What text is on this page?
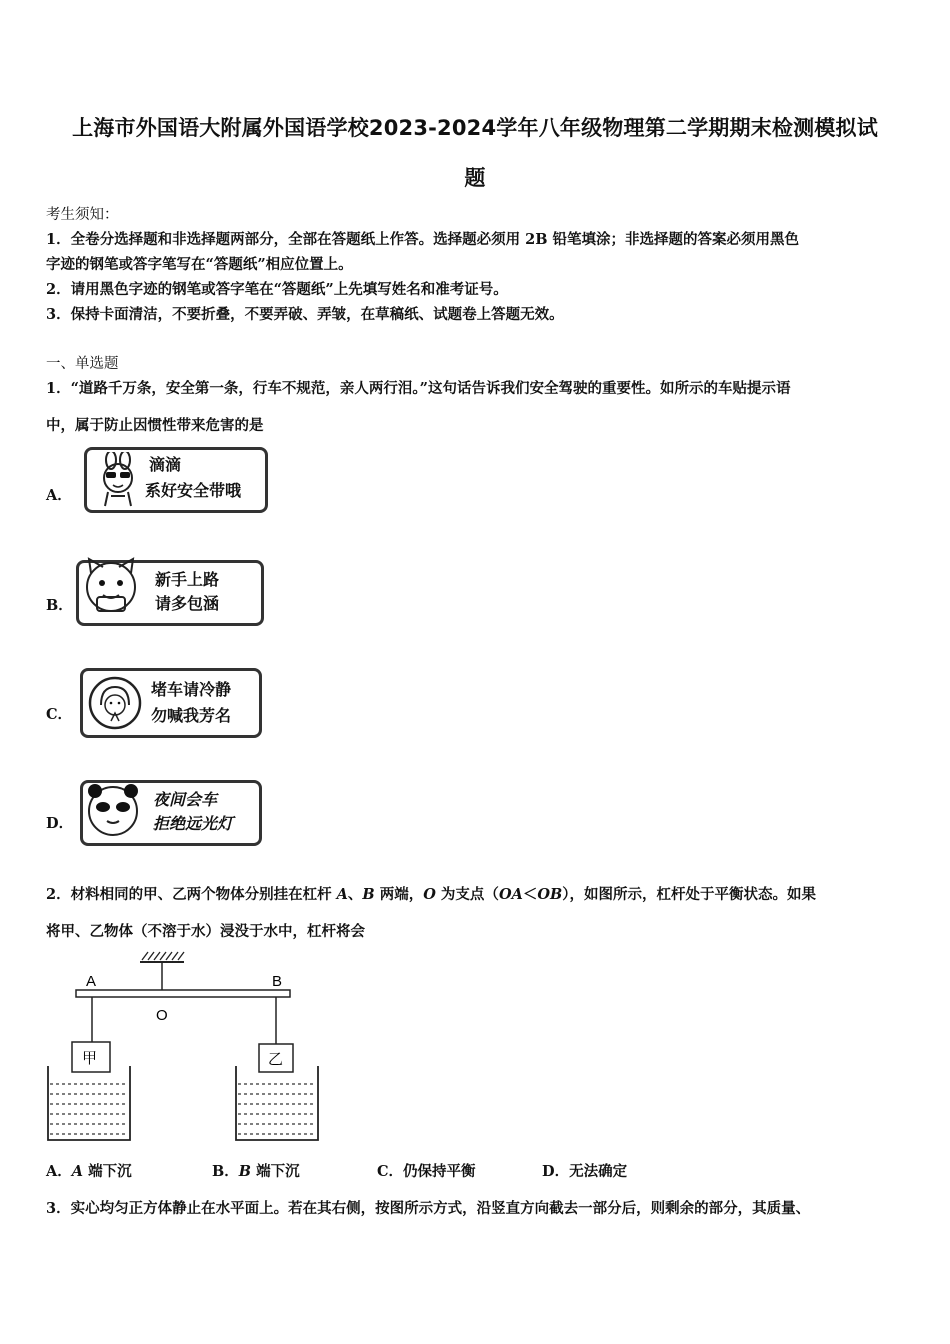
上海市外国语大附属外国语学校2023-2024学年八年级物理第二学期期末检测模拟试
题
考生须知：
1．全卷分选择题和非选择题两部分，全部在答题纸上作答。选择题必须用 2B 铅笔填涂；非选择题的答案必须用黑色
字迹的钢笔或答字笔写在“答题纸”相应位置上。
2．请用黑色字迹的钢笔或答字笔在“答题纸”上先填写姓名和准考证号。
3．保持卡面清洁，不要折叠，不要弄破、弄皱，在草稿纸、试题卷上答题无效。
一、单选题
1．“道路千万条，安全第一条，行车不规范，亲人两行泪。”这句话告诉我们安全驾驶的重要性。如所示的车贴提示语
中，属于防止因惯性带来危害的是
A．
滴滴
系好安全带哦
B．
新手上路
请多包涵
C．
堵车请冷静
勿喊我芳名
D．
夜间会车
拒绝远光灯
2．材料相同的甲、乙两个物体分别挂在杠杆 A、B 两端，O 为支点（OA＜OB），如图所示，杠杆处于平衡状态。如果
将甲、乙物体（不溶于水）浸没于水中，杠杆将会
A	B
O
甲	乙
A．A 端下沉	B．B 端下沉	C．仍保持平衡	D．无法确定
3．实心均匀正方体静止在水平面上。若在其右侧，按图所示方式，沿竖直方向截去一部分后，则剩余的部分，其质量、
